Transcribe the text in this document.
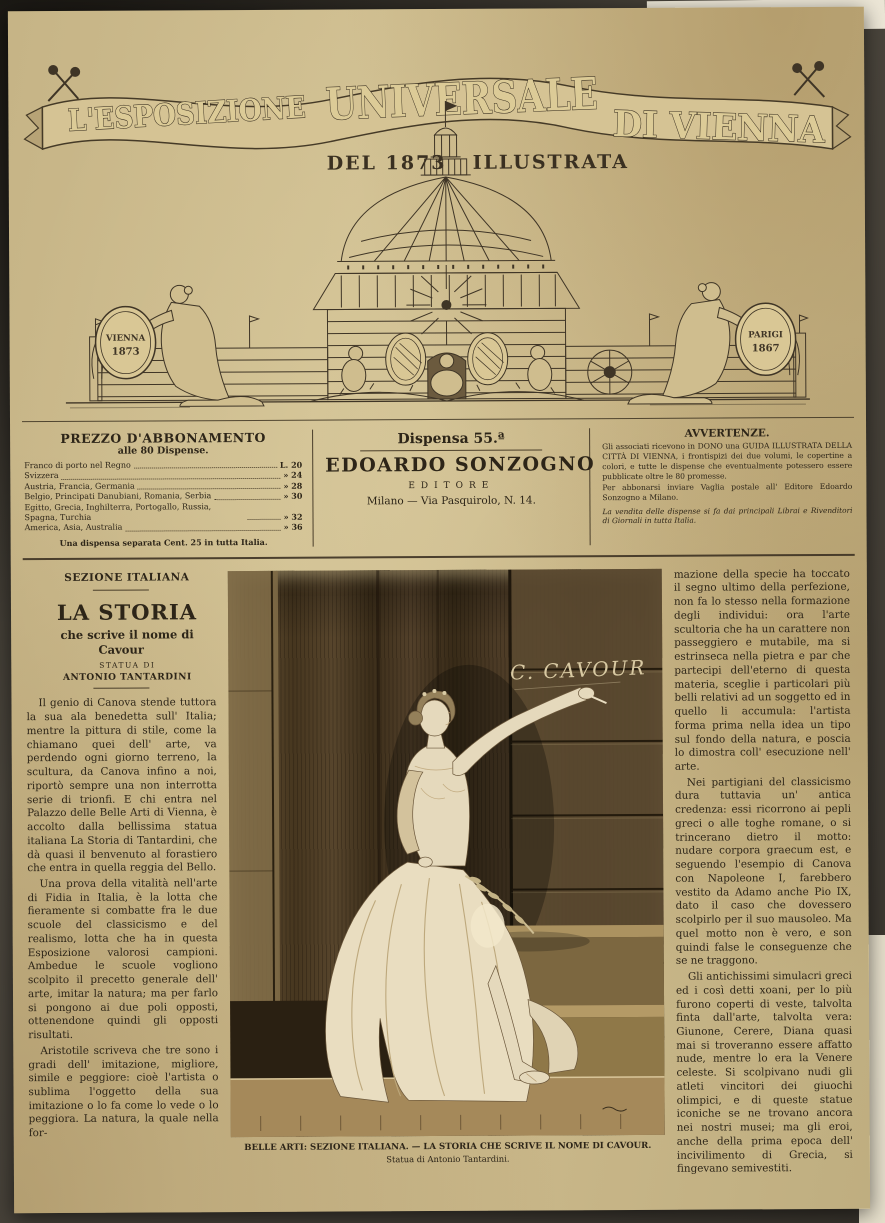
L'ESPOSIZIONE
UNIVERSALE
DI VIENNA
DEL 1873 ILLUSTRATA
VIENNA
1873
PARIGI
1867
PREZZO D'ABBONAMENTO
alle 80 Dispense.
Franco di porto nel Regno	L. 20
Svizzera	» 24
Austria, Francia, Germania	» 28
Belgio, Principati Danubiani, Romania, Serbia	» 30
Egitto, Grecia, Inghilterra, Portogallo, Russia, Spagna, Turchia	» 32
America, Asia, Australia	» 36
Una dispensa separata Cent. 25 in tutta Italia.
Dispensa 55.ª
EDOARDO SONZOGNO
EDITORE
Milano — Via Pasquirolo, N. 14.
AVVERTENZE.

Gli associati ricevono in DONO una GUIDA ILLUSTRATA DELLA CITTÀ DI VIENNA, i frontispizi dei due volumi, le copertine a colori, e tutte le dispense che eventualmente potessero essere pubblicate oltre le 80 promesse.

Per abbonarsi inviare Vaglia postale all' Editore Edoardo Sonzogno a Milano.

La vendita delle dispense si fa dai principali Librai e Rivenditori di Giornali in tutta Italia.

SEZIONE ITALIANA

LA STORIA

che scrive il nome di Cavour

STATUA DI

ANTONIO TANTARDINI

Il genio di Canova stende tuttora la sua ala benedetta sull' Italia; mentre la pittura di stile, come la chiamano quei dell' arte, va perdendo ogni giorno terreno, la scultura, da Canova infino a noi, riportò sempre una non interrotta serie di trionfi. E chi entra nel Palazzo delle Belle Arti di Vienna, è accolto dalla bellissima statua italiana La Storia di Tantardini, che dà quasi il benvenuto al forastiero che entra in quella reggia del Bello.

Una prova della vitalità nell'arte di Fidia in Italia, è la lotta che fieramente si combatte fra le due scuole del classicismo e del realismo, lotta che ha in questa Esposizione valorosi campioni. Ambedue le scuole vogliono scolpito il precetto generale dell' arte, imitar la natura; ma per farlo si pongono ai due poli opposti, ottenendone quindi gli opposti risultati.

Aristotile scriveva che tre sono i gradi dell' imitazione, migliore, simile e peggiore: cioè l'artista o sublima l'oggetto della sua imitazione o lo fa come lo vede o lo peggiora. La natura, la quale nella for-

C. CAVOUR
BELLE ARTI: SEZIONE ITALIANA. — LA STORIA CHE SCRIVE IL NOME DI CAVOUR.
Statua di Antonio Tantardini.

mazione della specie ha toccato il segno ultimo della perfezione, non fa lo stesso nella formazione degli individui: ora l'arte scultoria che ha un carattere non passeggiero e mutabile, ma si estrinseca nella pietra e par che partecipi dell'eterno di questa materia, sceglie i particolari più belli relativi ad un soggetto ed in quello li accumula: l'artista forma prima nella idea un tipo sul fondo della natura, e poscia lo dimostra coll' esecuzione nell' arte.

Nei partigiani del classicismo dura tuttavia un' antica credenza: essi ricorrono ai pepli greci o alle toghe romane, o si trincerano dietro il motto: nudare corpora graecum est, e seguendo l'esempio di Canova con Napoleone I, farebbero vestito da Adamo anche Pio IX, dato il caso che dovessero scolpirlo per il suo mausoleo. Ma quel motto non è vero, e son quindi false le conseguenze che se ne traggono.

Gli antichissimi simulacri greci ed i così detti xoani, per lo più furono coperti di veste, talvolta finta dall'arte, talvolta vera: Giunone, Cerere, Diana quasi mai si troveranno essere affatto nude, mentre lo era la Venere celeste. Si scolpivano nudi gli atleti vincitori dei giuochi olimpici, e di queste statue iconiche se ne trovano ancora nei nostri musei; ma gli eroi, anche della prima epoca dell' incivilimento di Grecia, si fingevano semivestiti.
